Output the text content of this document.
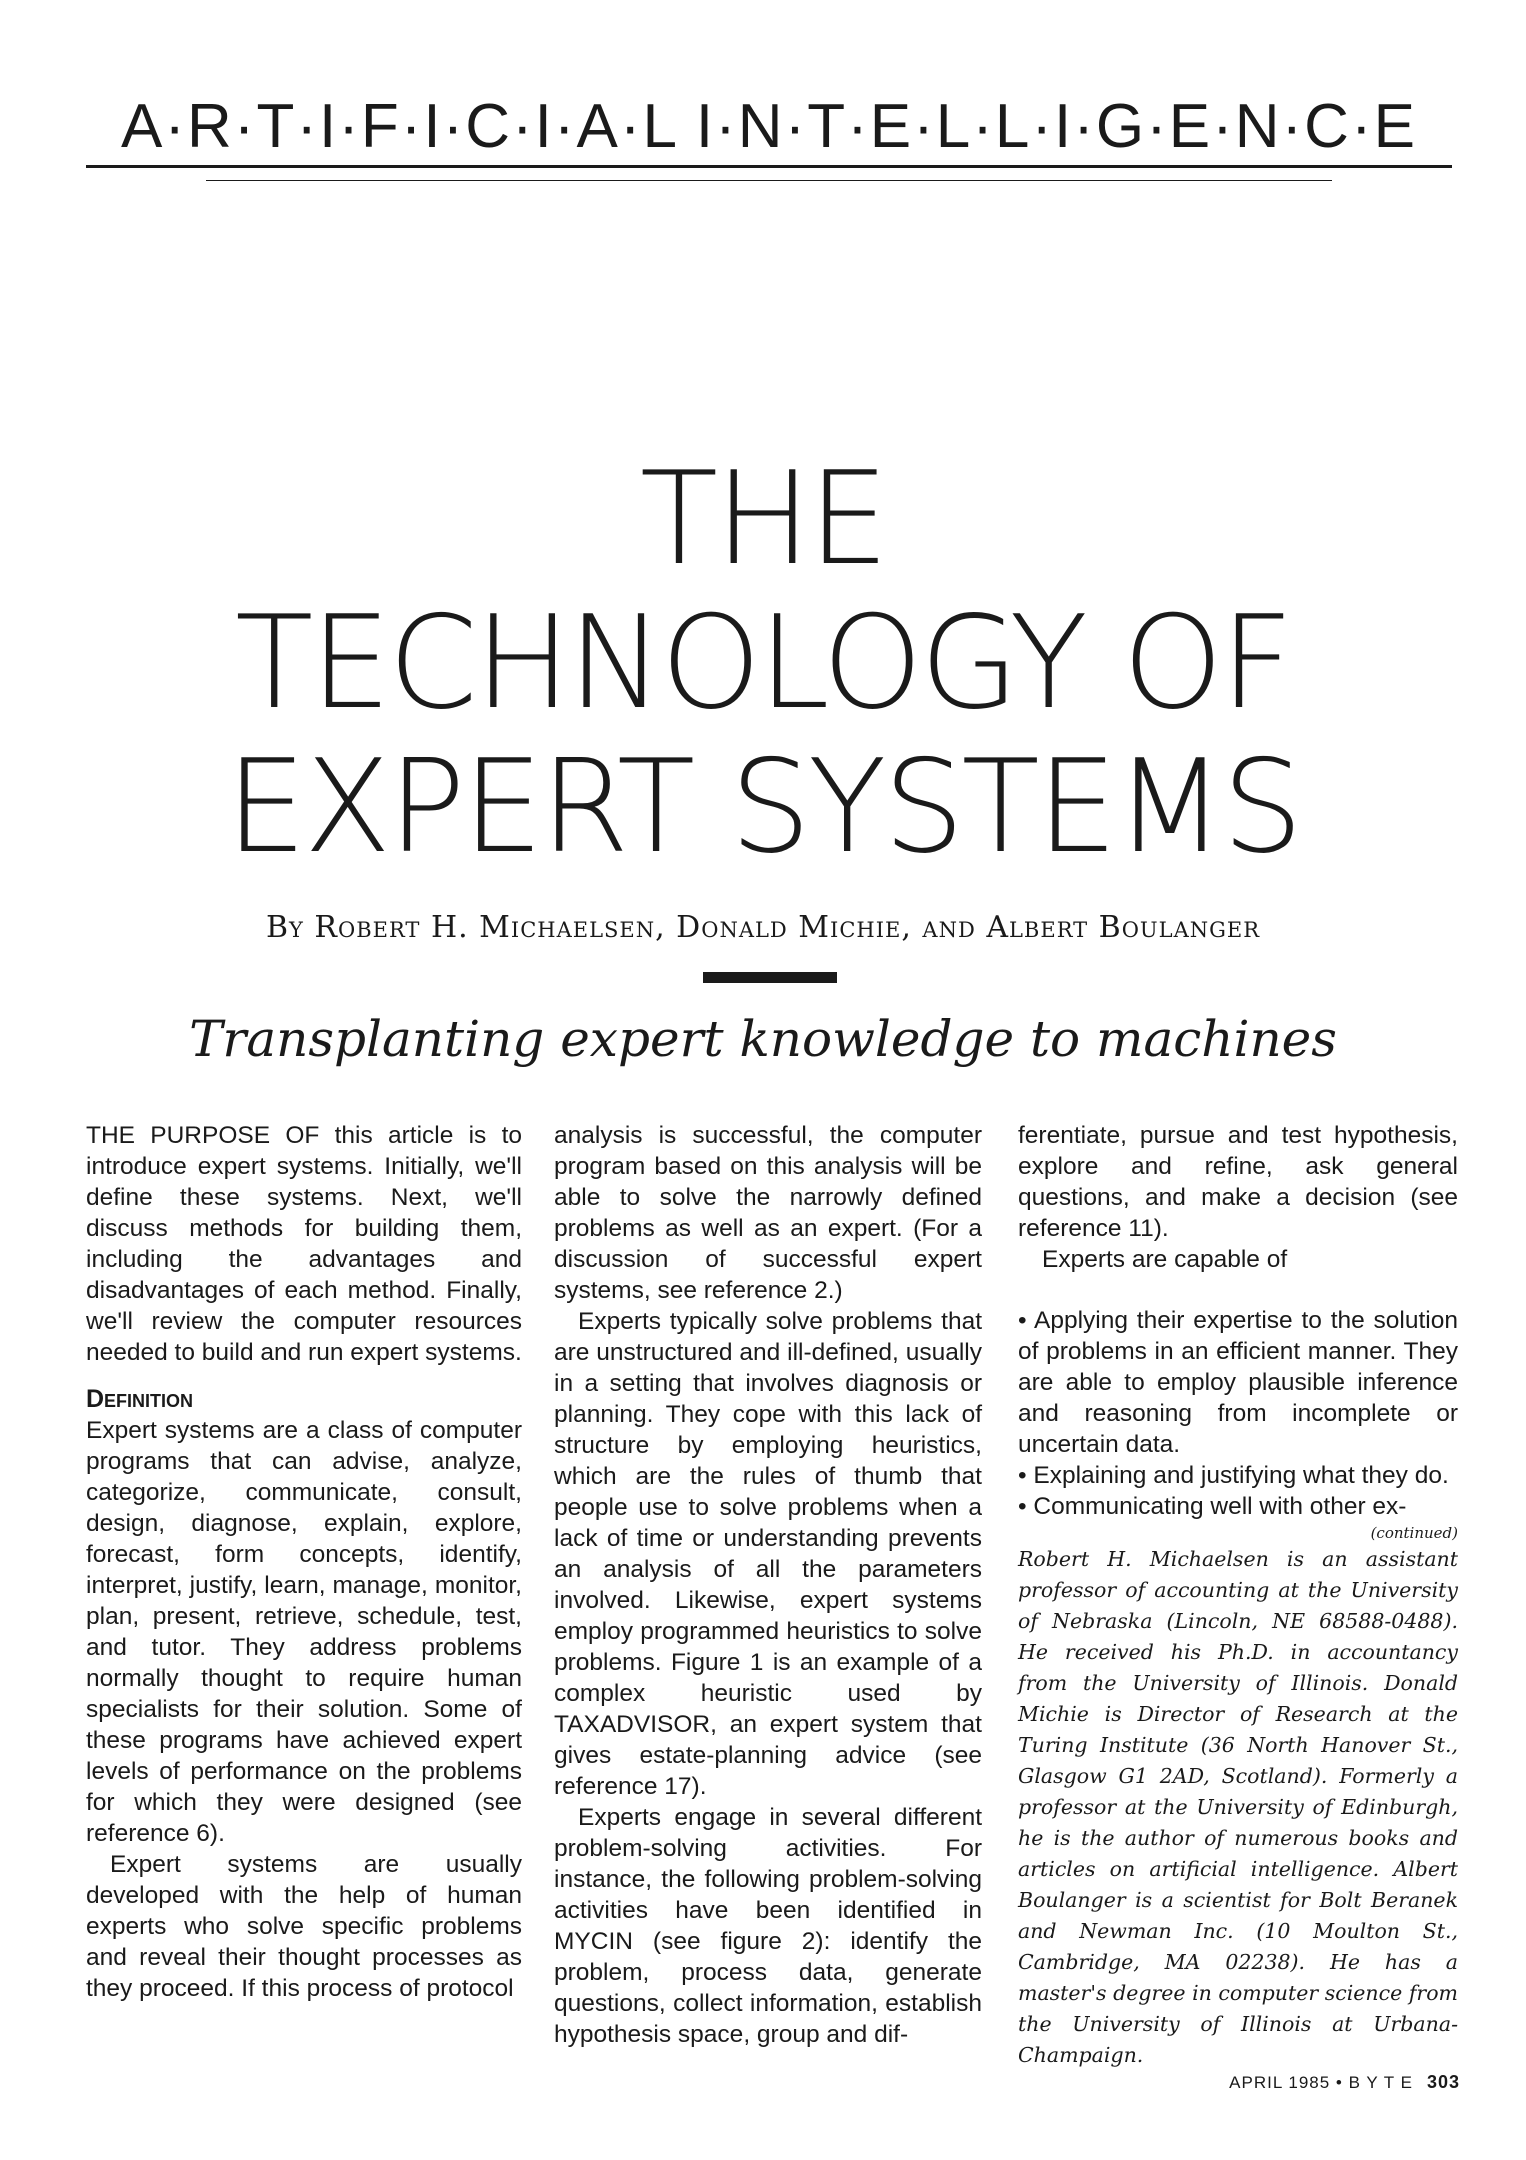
A·R·T·I·F·I·C·I·A·L I·N·T·E·L·L·I·G·E·N·C·E
THE
TECHNOLOGY OF
EXPERT SYSTEMS
By Robert H. Michaelsen, Donald Michie, and Albert Boulanger
Transplanting expert knowledge to machines

THE PURPOSE OF this article is to introduce expert systems. Initially, we'll define these systems. Next, we'll discuss methods for building them, including the advantages and disadvantages of each method. Finally, we'll review the computer resources needed to build and run expert systems.

Definition

Expert systems are a class of computer programs that can advise, analyze, categorize, communicate, consult, design, diagnose, explain, explore, forecast, form concepts, identify, interpret, justify, learn, manage, monitor, plan, present, retrieve, schedule, test, and tutor. They address problems normally thought to require human specialists for their solution. Some of these programs have achieved expert levels of performance on the problems for which they were designed (see reference 6).

Expert systems are usually developed with the help of human experts who solve specific problems and reveal their thought processes as they proceed. If this process of protocol

analysis is successful, the computer program based on this analysis will be able to solve the narrowly defined problems as well as an expert. (For a discussion of successful expert systems, see reference 2.)

Experts typically solve problems that are unstructured and ill-defined, usually in a setting that involves diagnosis or planning. They cope with this lack of structure by employing heuristics, which are the rules of thumb that people use to solve problems when a lack of time or understanding prevents an analysis of all the parameters involved. Likewise, expert systems employ programmed heuristics to solve problems. Figure 1 is an example of a complex heuristic used by TAXADVISOR, an expert system that gives estate-planning advice (see reference 17).

Experts engage in several different problem-solving activities. For instance, the following problem-solving activities have been identified in MYCIN (see figure 2): identify the problem, process data, generate questions, collect information, establish hypothesis space, group and dif-

ferentiate, pursue and test hypothesis, explore and refine, ask general questions, and make a decision (see reference 11).

Experts are capable of

• Applying their expertise to the solution of problems in an efficient manner. They are able to employ plausible inference and reasoning from incomplete or uncertain data.

• Explaining and justifying what they do.

• Communicating well with other ex-

(continued)

Robert H. Michaelsen is an assistant professor of accounting at the University of Nebraska (Lincoln, NE 68588-0488). He received his Ph.D. in accountancy from the University of Illinois. Donald Michie is Director of Research at the Turing Institute (36 North Hanover St., Glasgow G1 2AD, Scotland). Formerly a professor at the University of Edinburgh, he is the author of numerous books and articles on artificial intelligence. Albert Boulanger is a scientist for Bolt Beranek and Newman Inc. (10 Moulton St., Cambridge, MA 02238). He has a master's degree in computer science from the University of Illinois at Urbana-Champaign.

APRIL 1985 • B Y T E 303
